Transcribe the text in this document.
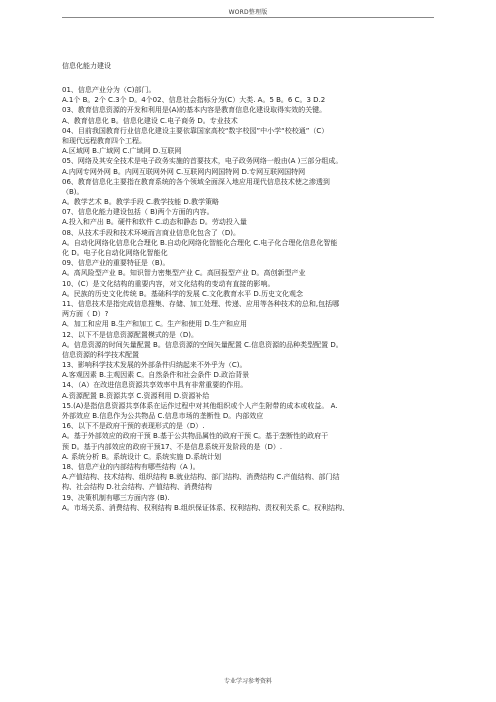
WORD整理版
信息化能力建设
01、信息产业分为（C)部门。
A.1个 B。2个 C.3个 D。4个02、信息社会指标分为(C）大类. A。5 B。6 C。3 D.2
03、教育信息资源的开发和利用是(A)的基本内容是教育信息化建设取得实效的关键。
A、教育信息化 B。信息化建设 C.电子商务 D。专业技术
04、目前我国教育行业信息化建设主要依靠国家高校“数字校园”中小学“校校通”（C）
和现代远程教育四个工程。
A.区域网 B.广域网 C.广域网 D.互联网
05、网络及其安全技术是电子政务实施的首要技术，电子政务网络一般由(A )三部分组成。
A.内网专网外网 B。内网互联网外网 C.互联网内网国特网 D.专网互联网国特网
06、教育信息化主要指在教育系统的各个领域全面深入地应用现代信息技术使之渗透到
（B)。
A。教学艺术 B。教学手段 C.教学技能 D.教学策略
07、信息化能力建设包括（ B)两个方面的内容。
A.投入和产出 B。硬件和软件 C.动态和静态 D。劳动投入量
08、从技术手段和技术环境而言商业信息化包含了（D)。
A。自动化网络化信息化合理化 B.自动化网络化智能化合理化 C.电子化合理化信息化智能
化 D。电子化自动化网络化智能化
09、信息产业的重要特征是（B)。
A。高风险型产业 B。知识智力密集型产业 C。高回报型产业 D。高创新型产业
10、(C）是文化结构的重要内容，对文化结构的变动有直接的影响。
A。民族的历史文化传统 B。基础科学的发展 C.文化教育水平 D.历史文化观念
11、信息技术是指完成信息搜集、存储、加工处理、传递、应用等各种技术的总和,包括哪
两方面（ D）?
A．加工和应用 B.生产和加工 C。生产和使用 D.生产和应用
12、以下不是信息资源配置模式的是（D)。
A。信息资源的时间矢量配置 B。信息资源的空间矢量配置 C.信息资源的品种类型配置 D。
信息资源的科学技术配置
13、影响科学技术发展的外部条件归纳起来不外乎为（C)。
A.客观因素 B.主观因素 C。自然条件和社会条件 D.政治背景
14、（A）在改进信息资源共享效率中具有非常重要的作用。
A.资源配置 B.资源共享 C.资源利用 D.资源补给
15.(A)是指信息资源共享体系在运作过程中对其他组织或个人产生附带的成本或收益。 A.
外部效应 B.信息作为公共物品 C.信息市场的垄断性 D。内部效应
16、以下不是政府干预的表现形式的是（D）.
A。基于外部效应的政府干预 B.基于公共物品属性的政府干预 C。基于垄断性的政府干
预 D。基于内部效应的政府干预17、不是信息系统开发阶段的是（D）.
A. 系统分析 B。系统设计 C。系统实施 D.系统计划
18、信息产业的内部结构有哪些结构（A )。
A.产值结构、技术结构、组织结构 B.就业结构、部门结构、消费结构 C.产值结构、部门结
构、社会结构 D.社会结构、产值结构、消费结构
19、决策机制有哪三方面内容 (B).
A。市场关系、消费结构、权利结构 B.组织保证体系、权利结构、责权利关系 C。权利结构、
专业学习参考资料
